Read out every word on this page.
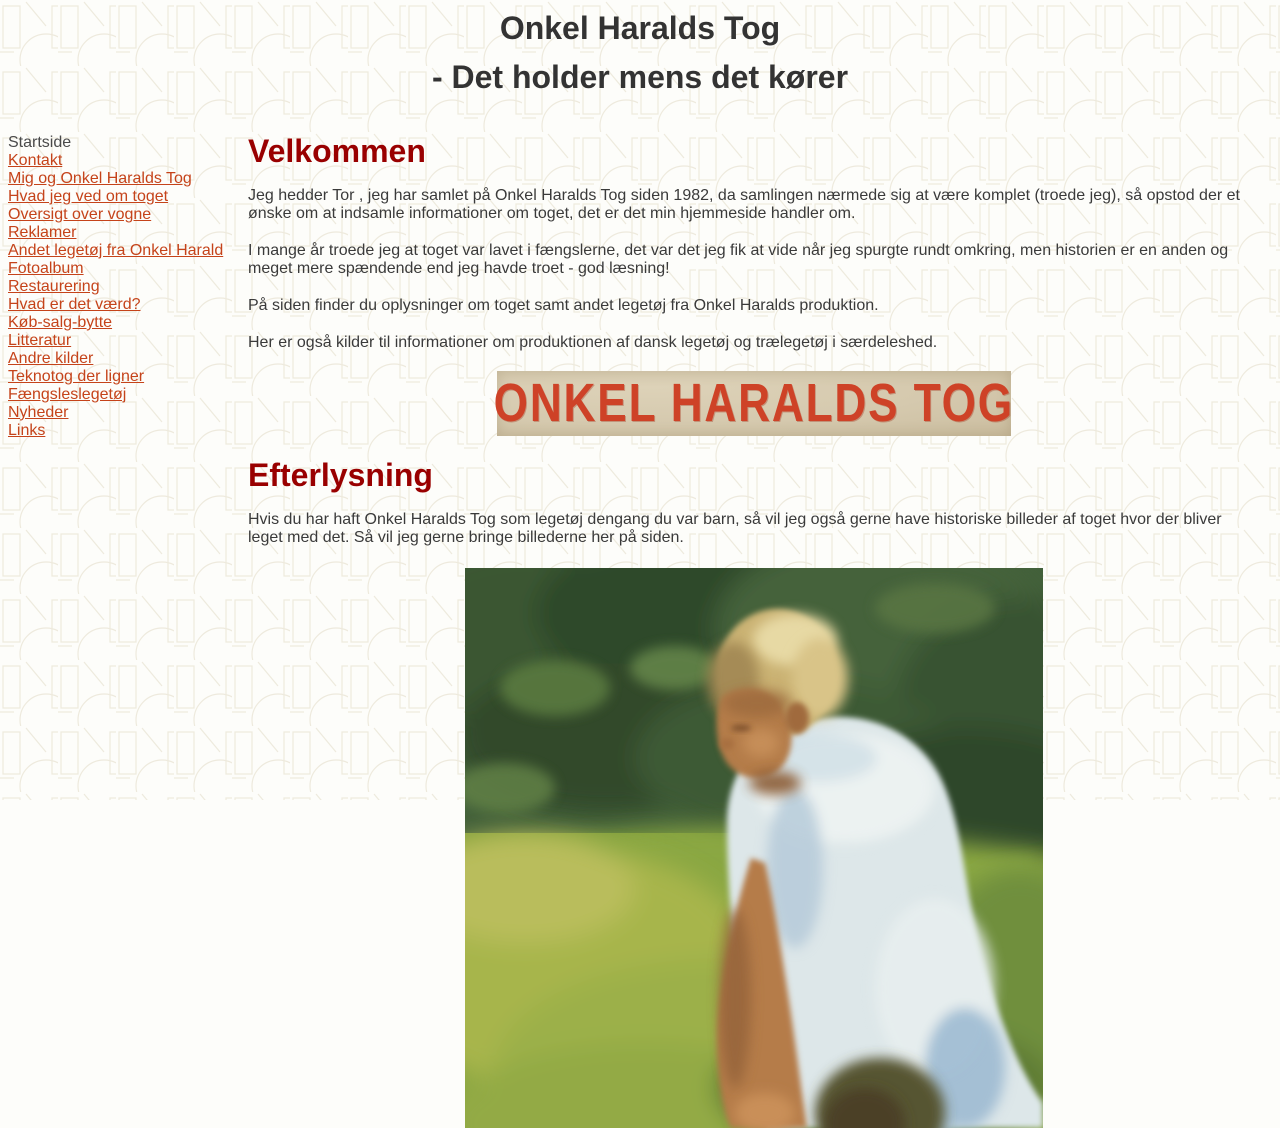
Onkel Haralds Tog
- Det holder mens det kører
Startside
Kontakt
Mig og Onkel Haralds Tog
Hvad jeg ved om toget
Oversigt over vogne
Reklamer
Andet legetøj fra Onkel Harald
Fotoalbum
Restaurering
Hvad er det værd?
Køb-salg-bytte
Litteratur
Andre kilder
Teknotog der ligner
Fængsleslegetøj
Nyheder
Links
Velkommen

Jeg hedder Tor , jeg har samlet på Onkel Haralds Tog siden 1982, da samlingen nærmede sig at være komplet (troede jeg), så opstod der et ønske om at indsamle informationer om toget, det er det min hjemmeside handler om.

I mange år troede jeg at toget var lavet i fængslerne, det var det jeg fik at vide når jeg spurgte rundt omkring, men historien er en anden og meget mere spændende end jeg havde troet - god læsning!

På siden finder du oplysninger om toget samt andet legetøj fra Onkel Haralds produktion.

Her er også kilder til informationer om produktionen af dansk legetøj og trælegetøj i særdeleshed.

ONKEL HARALDS TOG
Efterlysning

Hvis du har haft Onkel Haralds Tog som legetøj dengang du var barn, så vil jeg også gerne have historiske billeder af toget hvor der bliver leget med det. Så vil jeg gerne bringe billederne her på siden.
